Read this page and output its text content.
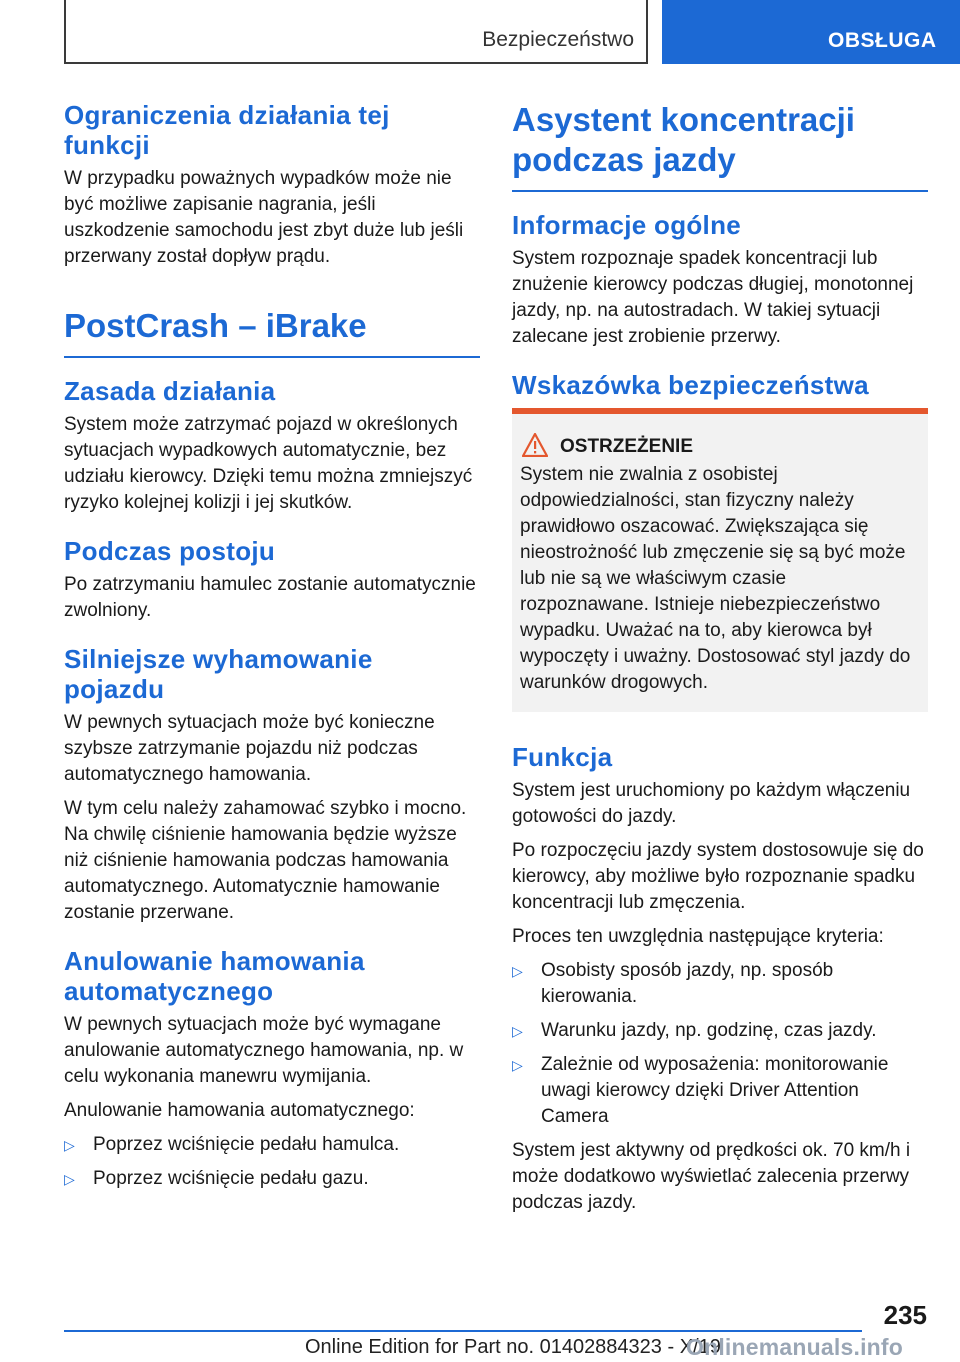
Bezpieczeństwo	OBSŁUGA
Ograniczenia działania tej funkcji

W przypadku poważnych wypadków może nie być możliwe zapisanie nagrania, jeśli uszkodzenie samochodu jest zbyt duże lub jeśli przerwany został dopływ prądu.

PostCrash – iBrake
Zasada działania

System może zatrzymać pojazd w określonych sytuacjach wypadkowych automatycznie, bez udziału kierowcy. Dzięki temu można zmniejszyć ryzyko kolejnej kolizji i jej skutków.

Podczas postoju

Po zatrzymaniu hamulec zostanie automatycznie zwolniony.

Silniejsze wyhamowanie pojazdu

W pewnych sytuacjach może być konieczne szybsze zatrzymanie pojazdu niż podczas automatycznego hamowania.

W tym celu należy zahamować szybko i mocno. Na chwilę ciśnienie hamowania będzie wyższe niż ciśnienie hamowania podczas hamowania automatycznego. Automatycznie hamowanie zostanie przerwane.

Anulowanie hamowania automatycznego

W pewnych sytuacjach może być wymagane anulowanie automatycznego hamowania, np. w celu wykonania manewru wymijania.

Anulowanie hamowania automatycznego:

▷ Poprzez wciśnięcie pedału hamulca.
▷ Poprzez wciśnięcie pedału gazu.
Asystent koncentracji podczas jazdy
Informacje ogólne

System rozpoznaje spadek koncentracji lub znużenie kierowcy podczas długiej, monotonnej jazdy, np. na autostradach. W takiej sytuacji zalecane jest zrobienie przerwy.

Wskazówka bezpieczeństwa
OSTRZEŻENIE

System nie zwalnia z osobistej odpowiedzialności, stan fizyczny należy prawidłowo oszacować. Zwiększająca się nieostrożność lub zmęczenie się są być może lub nie są we właściwym czasie rozpoznawane. Istnieje niebezpieczeństwo wypadku. Uważać na to, aby kierowca był wypoczęty i uważny. Dostosować styl jazdy do warunków drogowych.

Funkcja

System jest uruchomiony po każdym włączeniu gotowości do jazdy.

Po rozpoczęciu jazdy system dostosowuje się do kierowcy, aby możliwe było rozpoznanie spadku koncentracji lub zmęczenia.

Proces ten uwzględnia następujące kryteria:

▷ Osobisty sposób jazdy, np. sposób kierowania.
▷ Warunku jazdy, np. godzinę, czas jazdy.
▷ Zależnie od wyposażenia: monitorowanie uwagi kierowcy dzięki Driver Attention Camera

System jest aktywny od prędkości ok. 70 km/h i może dodatkowo wyświetlać zalecenia przerwy podczas jazdy.

235
Online Edition for Part no. 01402884323 - X/19
Onlinemanuals.info
